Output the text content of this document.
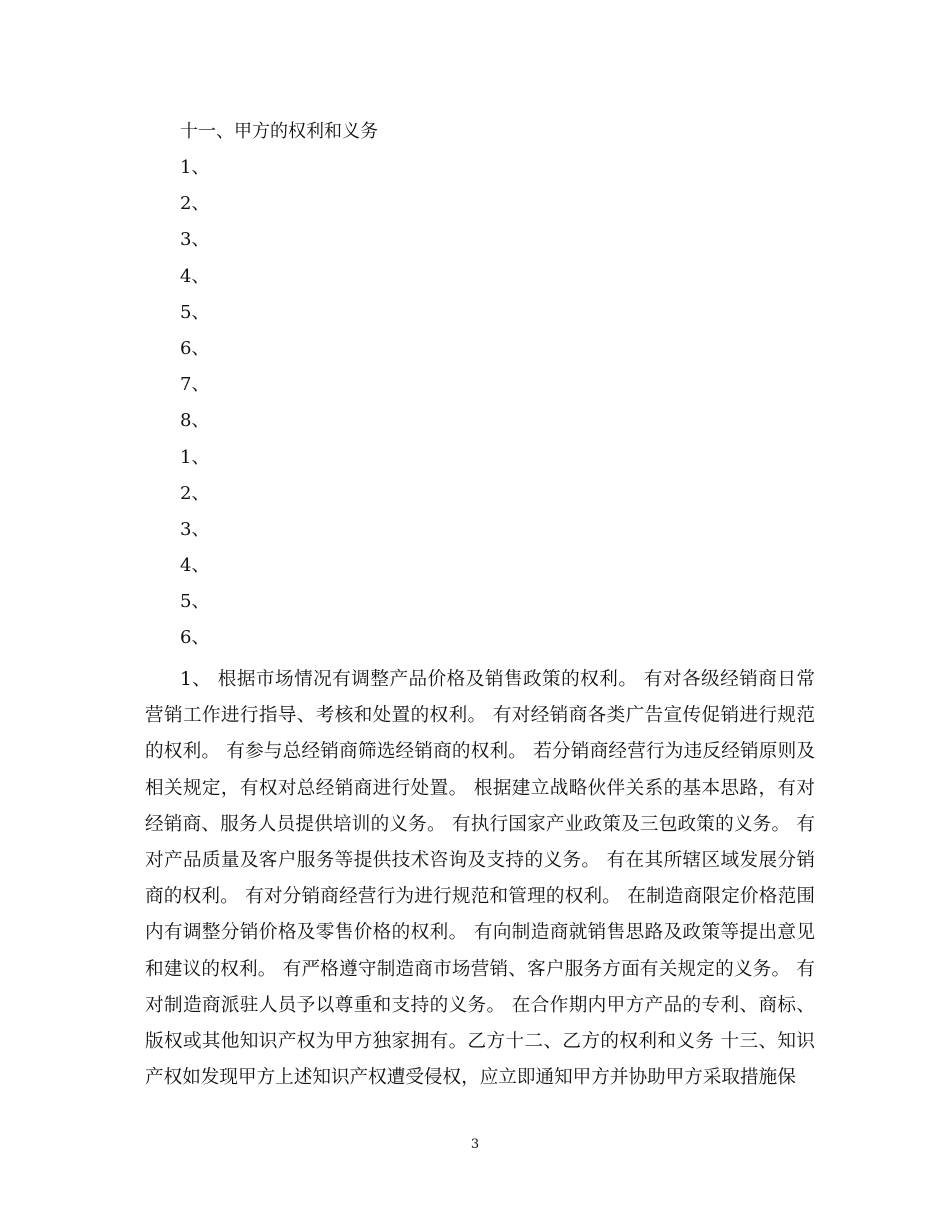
十一、甲方的权利和义务
1、
2、
3、
4、
5、
6、
7、
8、
1、
2、
3、
4、
5、
6、

1、 根据市场情况有调整产品价格及销售政策的权利。 有对各级经销商日常营销工作进行指导、考核和处置的权利。 有对经销商各类广告宣传促销进行规范的权利。 有参与总经销商筛选经销商的权利。 若分销商经营行为违反经销原则及相关规定，有权对总经销商进行处置。 根据建立战略伙伴关系的基本思路，有对经销商、服务人员提供培训的义务。 有执行国家产业政策及三包政策的义务。 有对产品质量及客户服务等提供技术咨询及支持的义务。 有在其所辖区域发展分销商的权利。 有对分销商经营行为进行规范和管理的权利。 在制造商限定价格范围内有调整分销价格及零售价格的权利。 有向制造商就销售思路及政策等提出意见和建议的权利。 有严格遵守制造商市场营销、客户服务方面有关规定的义务。 有对制造商派驻人员予以尊重和支持的义务。 在合作期内甲方产品的专利、商标、版权或其他知识产权为甲方独家拥有。乙方十二、乙方的权利和义务 十三、知识产权如发现甲方上述知识产权遭受侵权，应立即通知甲方并协助甲方采取措施保

3
